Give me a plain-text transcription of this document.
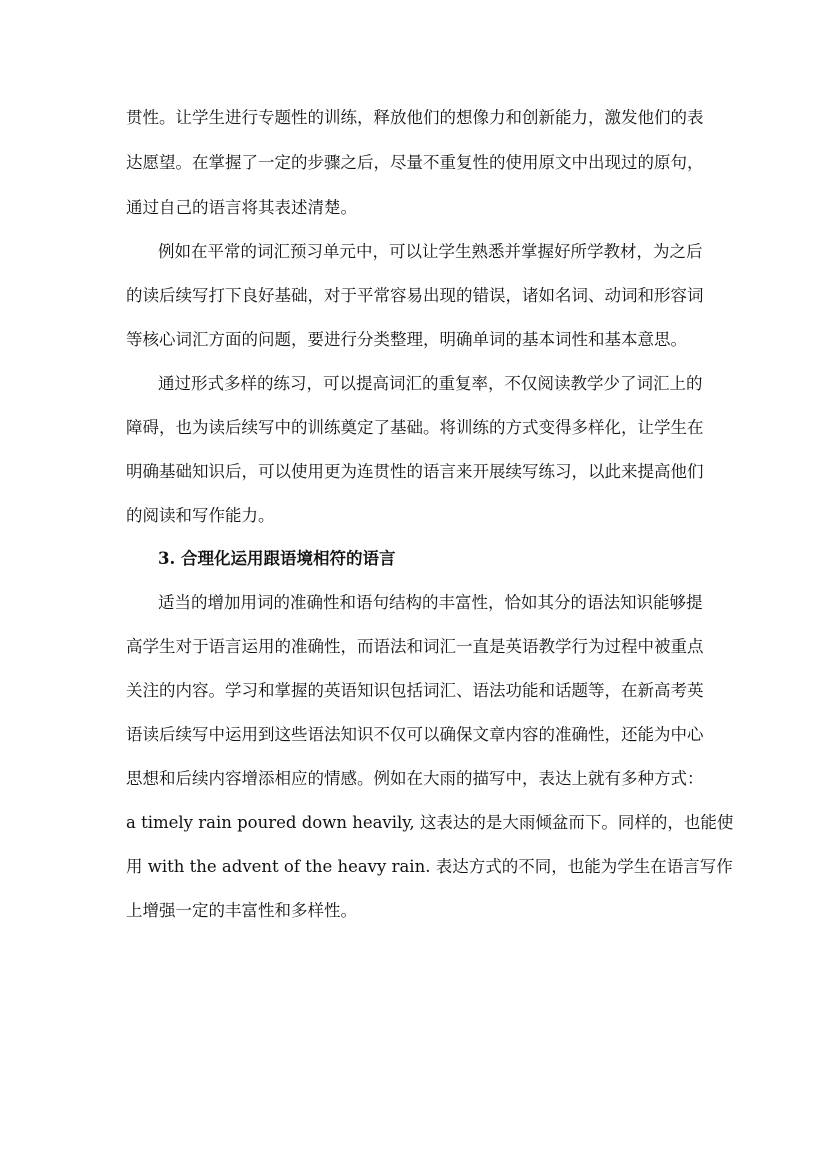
贯性。让学生进行专题性的训练，释放他们的想像力和创新能力，激发他们的表
达愿望。在掌握了一定的步骤之后，尽量不重复性的使用原文中出现过的原句，
通过自己的语言将其表述清楚。
例如在平常的词汇预习单元中，可以让学生熟悉并掌握好所学教材，为之后
的读后续写打下良好基础，对于平常容易出现的错误，诸如名词、动词和形容词
等核心词汇方面的问题，要进行分类整理，明确单词的基本词性和基本意思。
通过形式多样的练习，可以提高词汇的重复率，不仅阅读教学少了词汇上的
障碍，也为读后续写中的训练奠定了基础。将训练的方式变得多样化，让学生在
明确基础知识后，可以使用更为连贯性的语言来开展续写练习，以此来提高他们
的阅读和写作能力。
3. 合理化运用跟语境相符的语言
适当的增加用词的准确性和语句结构的丰富性，恰如其分的语法知识能够提
高学生对于语言运用的准确性，而语法和词汇一直是英语教学行为过程中被重点
关注的内容。学习和掌握的英语知识包括词汇、语法功能和话题等，在新高考英
语读后续写中运用到这些语法知识不仅可以确保文章内容的准确性，还能为中心
思想和后续内容增添相应的情感。例如在大雨的描写中，表达上就有多种方式：
a timely rain poured down heavily, 这表达的是大雨倾盆而下。同样的，也能使
用 with the advent of the heavy rain. 表达方式的不同，也能为学生在语言写作
上增强一定的丰富性和多样性。
